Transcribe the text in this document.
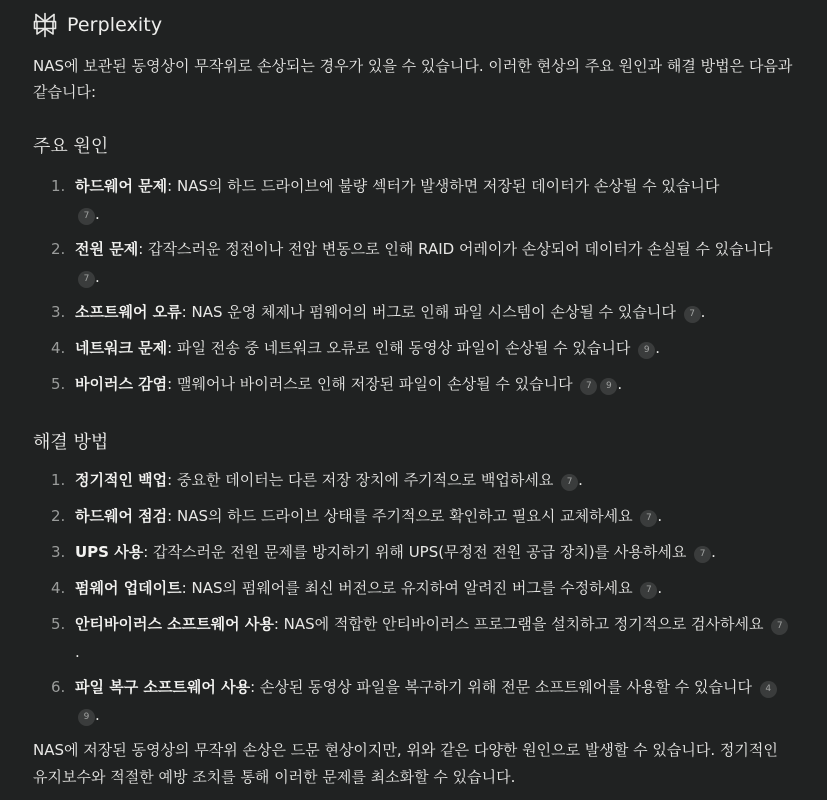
Perplexity

NAS에 보관된 동영상이 무작위로 손상되는 경우가 있을 수 있습니다. 이러한 현상의 주요 원인과 해결 방법은 다음과 같습니다:

주요 원인
1. 하드웨어 문제: NAS의 하드 드라이브에 불량 섹터가 발생하면 저장된 데이터가 손상될 수 있습니다
7 .
2. 전원 문제: 갑작스러운 정전이나 전압 변동으로 인해 RAID 어레이가 손상되어 데이터가 손실될 수 있습니다 7 .
3. 소프트웨어 오류: NAS 운영 체제나 펌웨어의 버그로 인해 파일 시스템이 손상될 수 있습니다 7 .
4. 네트워크 문제: 파일 전송 중 네트워크 오류로 인해 동영상 파일이 손상될 수 있습니다 9 .
5. 바이러스 감염: 맬웨어나 바이러스로 인해 저장된 파일이 손상될 수 있습니다 7 9 .
해결 방법
1. 정기적인 백업: 중요한 데이터는 다른 저장 장치에 주기적으로 백업하세요 7 .
2. 하드웨어 점검: NAS의 하드 드라이브 상태를 주기적으로 확인하고 필요시 교체하세요 7 .
3. UPS 사용: 갑작스러운 전원 문제를 방지하기 위해 UPS(무정전 전원 공급 장치)를 사용하세요 7 .
4. 펌웨어 업데이트: NAS의 펌웨어를 최신 버전으로 유지하여 알려진 버그를 수정하세요 7 .
5. 안티바이러스 소프트웨어 사용: NAS에 적합한 안티바이러스 프로그램을 설치하고 정기적으로 검사하세요 7.
6. 파일 복구 소프트웨어 사용: 손상된 동영상 파일을 복구하기 위해 전문 소프트웨어를 사용할 수 있습니다 49 .

NAS에 저장된 동영상의 무작위 손상은 드문 현상이지만, 위와 같은 다양한 원인으로 발생할 수 있습니다. 정기적인 유지보수와 적절한 예방 조치를 통해 이러한 문제를 최소화할 수 있습니다.
